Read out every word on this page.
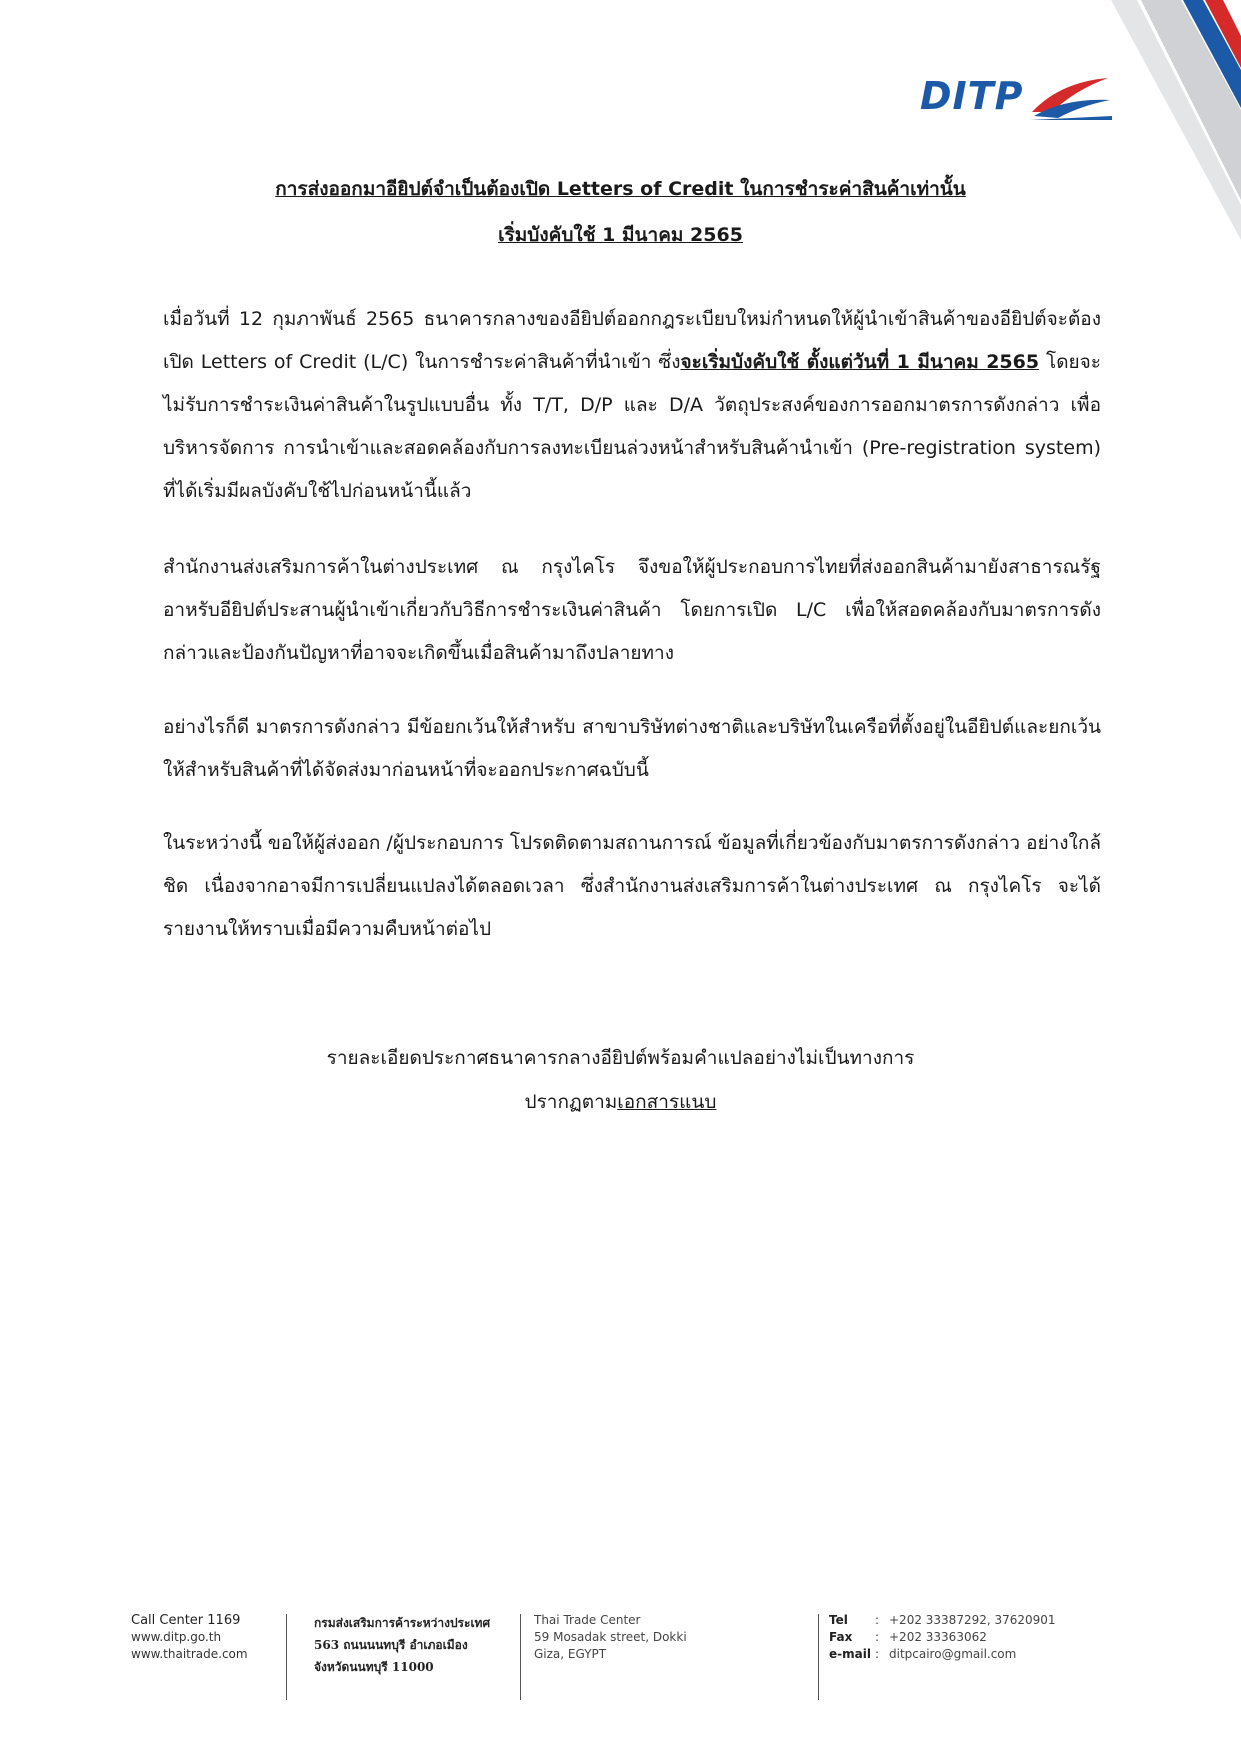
DITP
การส่งออกมาอียิปต์จำเป็นต้องเปิด Letters of Credit ในการชำระค่าสินค้าเท่านั้น
เริ่มบังคับใช้ 1 มีนาคม 2565

เมื่อวันที่ 12 กุมภาพันธ์ 2565 ธนาคารกลางของอียิปต์ออกกฎระเบียบใหม่กำหนดให้ผู้นำเข้าสินค้าของอียิปต์จะต้องเปิด Letters of Credit (L/C) ในการชำระค่าสินค้าที่นำเข้า ซึ่งจะเริ่มบังคับใช้ ตั้งแต่วันที่ 1 มีนาคม 2565 โดยจะไม่รับการชำระเงินค่าสินค้าในรูปแบบอื่น ทั้ง T/T, D/P และ D/A วัตถุประสงค์ของการออกมาตรการดังกล่าว เพื่อบริหารจัดการ การนำเข้าและสอดคล้องกับการลงทะเบียนล่วงหน้าสำหรับสินค้านำเข้า (Pre-registration system) ที่ได้เริ่มมีผลบังคับใช้ไปก่อนหน้านี้แล้ว

สำนักงานส่งเสริมการค้าในต่างประเทศ ณ กรุงไคโร จึงขอให้ผู้ประกอบการไทยที่ส่งออกสินค้ามายังสาธารณรัฐอาหรับอียิปต์ประสานผู้นำเข้าเกี่ยวกับวิธีการชำระเงินค่าสินค้า โดยการเปิด L/C เพื่อให้สอดคล้องกับมาตรการดังกล่าวและป้องกันปัญหาที่อาจจะเกิดขึ้นเมื่อสินค้ามาถึงปลายทาง

อย่างไรก็ดี มาตรการดังกล่าว มีข้อยกเว้นให้สำหรับ สาขาบริษัทต่างชาติและบริษัทในเครือที่ตั้งอยู่ในอียิปต์และยกเว้นให้สำหรับสินค้าที่ได้จัดส่งมาก่อนหน้าที่จะออกประกาศฉบับนี้

ในระหว่างนี้ ขอให้ผู้ส่งออก /ผู้ประกอบการ โปรดติดตามสถานการณ์ ข้อมูลที่เกี่ยวข้องกับมาตรการดังกล่าว อย่างใกล้ชิด เนื่องจากอาจมีการเปลี่ยนแปลงได้ตลอดเวลา ซึ่งสำนักงานส่งเสริมการค้าในต่างประเทศ ณ กรุงไคโร จะได้รายงานให้ทราบเมื่อมีความคืบหน้าต่อไป

รายละเอียดประกาศธนาคารกลางอียิปต์พร้อมคำแปลอย่างไม่เป็นทางการ
ปรากฏตามเอกสารแนบ
Call Center 1169
www.ditp.go.th
www.thaitrade.com
กรมส่งเสริมการค้าระหว่างประเทศ
563 ถนนนนทบุรี อำเภอเมือง
จังหวัดนนทบุรี 11000
Thai Trade Center
59 Mosadak street, Dokki
Giza, EGYPT
Tel	: +202 33387292, 37620901
Fax	: +202 33363062
e-mail : ditpcairo@gmail.com
